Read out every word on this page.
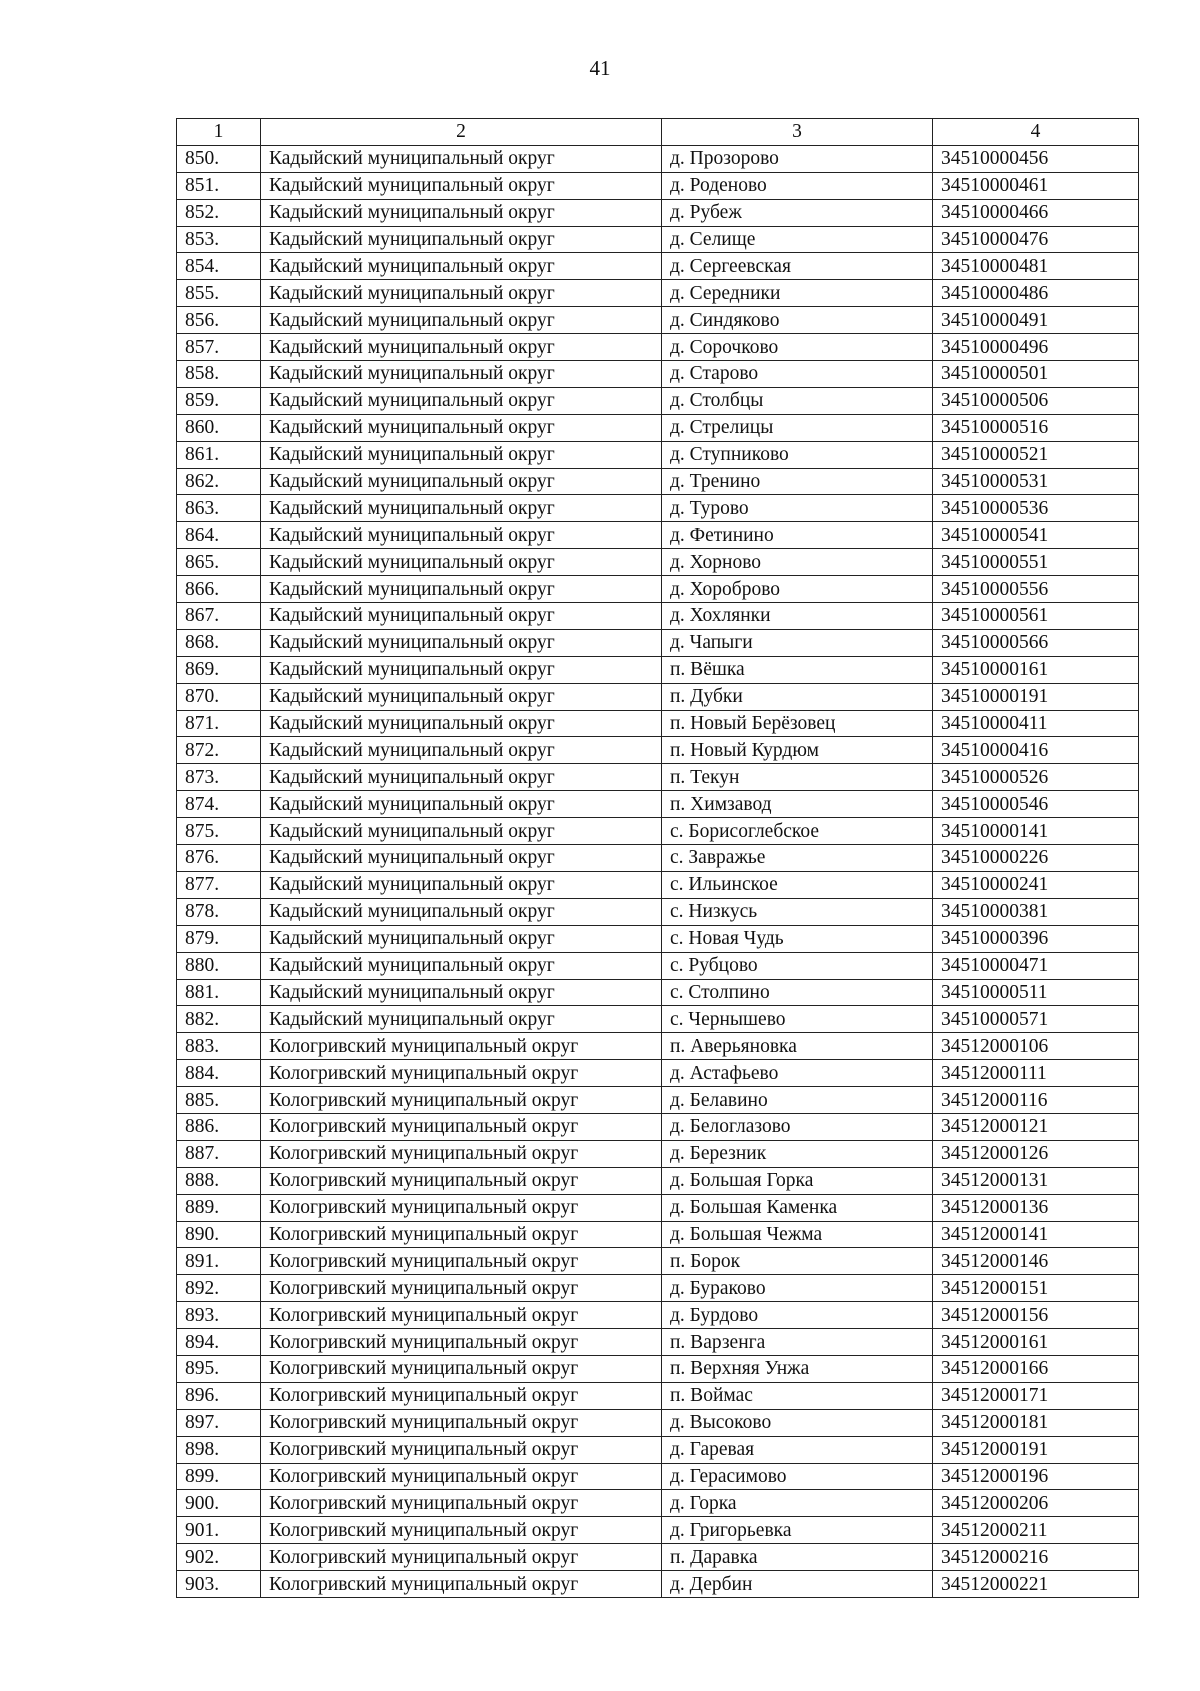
41
1	2	3	4
850.	Кадыйский муниципальный округ	д. Прозорово	34510000456
851.	Кадыйский муниципальный округ	д. Роденово	34510000461
852.	Кадыйский муниципальный округ	д. Рубеж	34510000466
853.	Кадыйский муниципальный округ	д. Селище	34510000476
854.	Кадыйский муниципальный округ	д. Сергеевская	34510000481
855.	Кадыйский муниципальный округ	д. Середники	34510000486
856.	Кадыйский муниципальный округ	д. Синдяково	34510000491
857.	Кадыйский муниципальный округ	д. Сорочково	34510000496
858.	Кадыйский муниципальный округ	д. Старово	34510000501
859.	Кадыйский муниципальный округ	д. Столбцы	34510000506
860.	Кадыйский муниципальный округ	д. Стрелицы	34510000516
861.	Кадыйский муниципальный округ	д. Ступниково	34510000521
862.	Кадыйский муниципальный округ	д. Тренино	34510000531
863.	Кадыйский муниципальный округ	д. Турово	34510000536
864.	Кадыйский муниципальный округ	д. Фетинино	34510000541
865.	Кадыйский муниципальный округ	д. Хорново	34510000551
866.	Кадыйский муниципальный округ	д. Хороброво	34510000556
867.	Кадыйский муниципальный округ	д. Хохлянки	34510000561
868.	Кадыйский муниципальный округ	д. Чапыги	34510000566
869.	Кадыйский муниципальный округ	п. Вёшка	34510000161
870.	Кадыйский муниципальный округ	п. Дубки	34510000191
871.	Кадыйский муниципальный округ	п. Новый Берёзовец	34510000411
872.	Кадыйский муниципальный округ	п. Новый Курдюм	34510000416
873.	Кадыйский муниципальный округ	п. Текун	34510000526
874.	Кадыйский муниципальный округ	п. Химзавод	34510000546
875.	Кадыйский муниципальный округ	с. Борисоглебское	34510000141
876.	Кадыйский муниципальный округ	с. Завражье	34510000226
877.	Кадыйский муниципальный округ	с. Ильинское	34510000241
878.	Кадыйский муниципальный округ	с. Низкусь	34510000381
879.	Кадыйский муниципальный округ	с. Новая Чудь	34510000396
880.	Кадыйский муниципальный округ	с. Рубцово	34510000471
881.	Кадыйский муниципальный округ	с. Столпино	34510000511
882.	Кадыйский муниципальный округ	с. Чернышево	34510000571
883.	Кологривский муниципальный округ	п. Аверьяновка	34512000106
884.	Кологривский муниципальный округ	д. Астафьево	34512000111
885.	Кологривский муниципальный округ	д. Белавино	34512000116
886.	Кологривский муниципальный округ	д. Белоглазово	34512000121
887.	Кологривский муниципальный округ	д. Березник	34512000126
888.	Кологривский муниципальный округ	д. Большая Горка	34512000131
889.	Кологривский муниципальный округ	д. Большая Каменка	34512000136
890.	Кологривский муниципальный округ	д. Большая Чежма	34512000141
891.	Кологривский муниципальный округ	п. Борок	34512000146
892.	Кологривский муниципальный округ	д. Бураково	34512000151
893.	Кологривский муниципальный округ	д. Бурдово	34512000156
894.	Кологривский муниципальный округ	п. Варзенга	34512000161
895.	Кологривский муниципальный округ	п. Верхняя Унжа	34512000166
896.	Кологривский муниципальный округ	п. Воймас	34512000171
897.	Кологривский муниципальный округ	д. Высоково	34512000181
898.	Кологривский муниципальный округ	д. Гаревая	34512000191
899.	Кологривский муниципальный округ	д. Герасимово	34512000196
900.	Кологривский муниципальный округ	д. Горка	34512000206
901.	Кологривский муниципальный округ	д. Григорьевка	34512000211
902.	Кологривский муниципальный округ	п. Даравка	34512000216
903.	Кологривский муниципальный округ	д. Дербин	34512000221
